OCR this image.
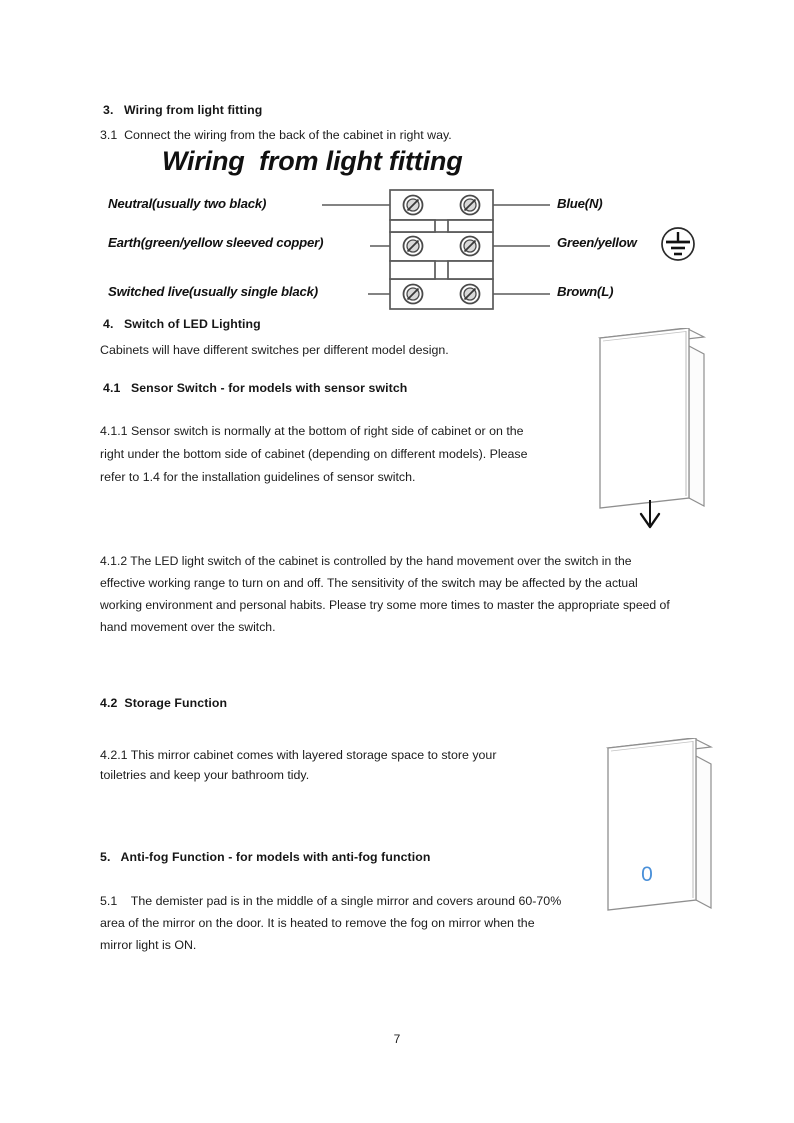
3.   Wiring from light fitting
3.1  Connect the wiring from the back of the cabinet in right way.
Wiring  from light fitting
Neutral(usually two black)
Earth(green/yellow sleeved copper)
Switched live(usually single black)
Blue(N)
Green/yellow
Brown(L)
4.   Switch of LED Lighting
Cabinets will have different switches per different model design.
4.1   Sensor Switch - for models with sensor switch
4.1.1 Sensor switch is normally at the bottom of right side of cabinet or on the
right under the bottom side of cabinet (depending on different models). Please
refer to 1.4 for the installation guidelines of sensor switch.
4.1.2 The LED light switch of the cabinet is controlled by the hand movement over the switch in the
effective working range to turn on and off. The sensitivity of the switch may be affected by the actual
working environment and personal habits. Please try some more times to master the appropriate speed of
hand movement over the switch.
4.2  Storage Function
4.2.1 This mirror cabinet comes with layered storage space to store your
toiletries and keep your bathroom tidy.
5.   Anti-fog Function - for models with anti-fog function
5.1    The demister pad is in the middle of a single mirror and covers around 60-70%
area of the mirror on the door. It is heated to remove the fog on mirror when the
mirror light is ON.
0
7
